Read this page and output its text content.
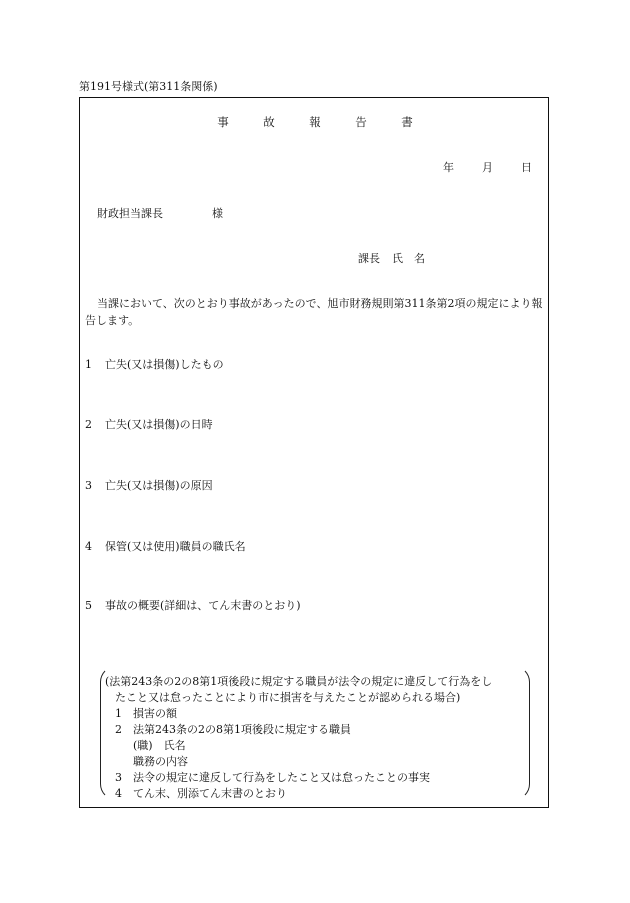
第191号様式(第311条関係)
事	故	報	告	書
年	月	日
財政担当課長	様
課長 氏　名
当課において、次のとおり事故があったので、旭市財務規則第311条第2項の規定により報告します。
1 亡失(又は損傷)したもの
2 亡失(又は損傷)の日時
3 亡失(又は損傷)の原因
4 保管(又は使用)職員の職氏名
5 事故の概要(詳細は、てん末書のとおり)
(法第243条の2の8第1項後段に規定する職員が法令の規定に違反して行為をし
たこと又は怠ったことにより市に損害を与えたことが認められる場合)
1　損害の額
2　法第243条の2の8第1項後段に規定する職員
(職)　氏名
職務の内容
3　法令の規定に違反して行為をしたこと又は怠ったことの事実
4　てん末、別添てん末書のとおり
